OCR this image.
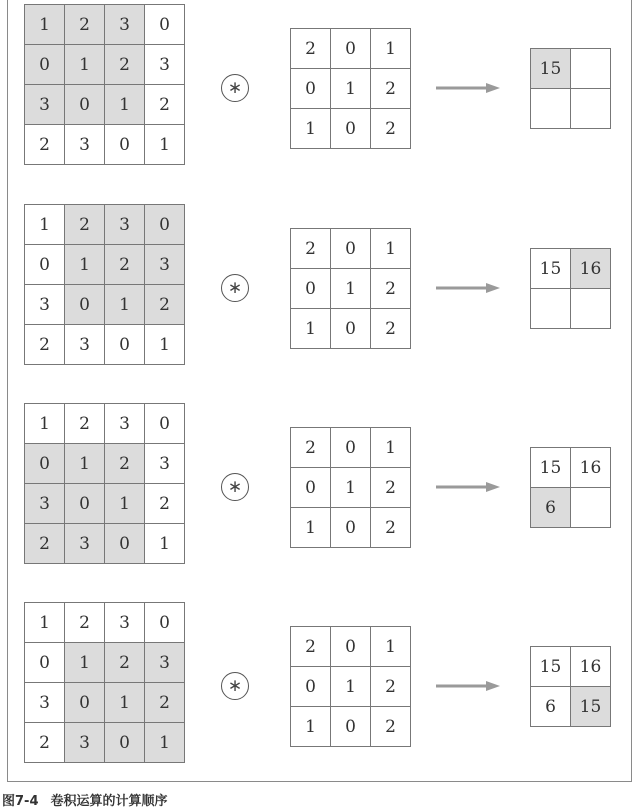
1	2	3	0
0	1	2	3
3	0	1	2
2	3	0	1
∗
2	0	1
0	1	2
1	0	2
15	

1	2	3	0
0	1	2	3
3	0	1	2
2	3	0	1
∗
2	0	1
0	1	2
1	0	2
15	16

1	2	3	0
0	1	2	3
3	0	1	2
2	3	0	1
∗
2	0	1
0	1	2
1	0	2
15	16
6	
1	2	3	0
0	1	2	3
3	0	1	2
2	3	0	1
∗
2	0	1
0	1	2
1	0	2
15	16
6	15
图7-4 卷积运算的计算顺序
